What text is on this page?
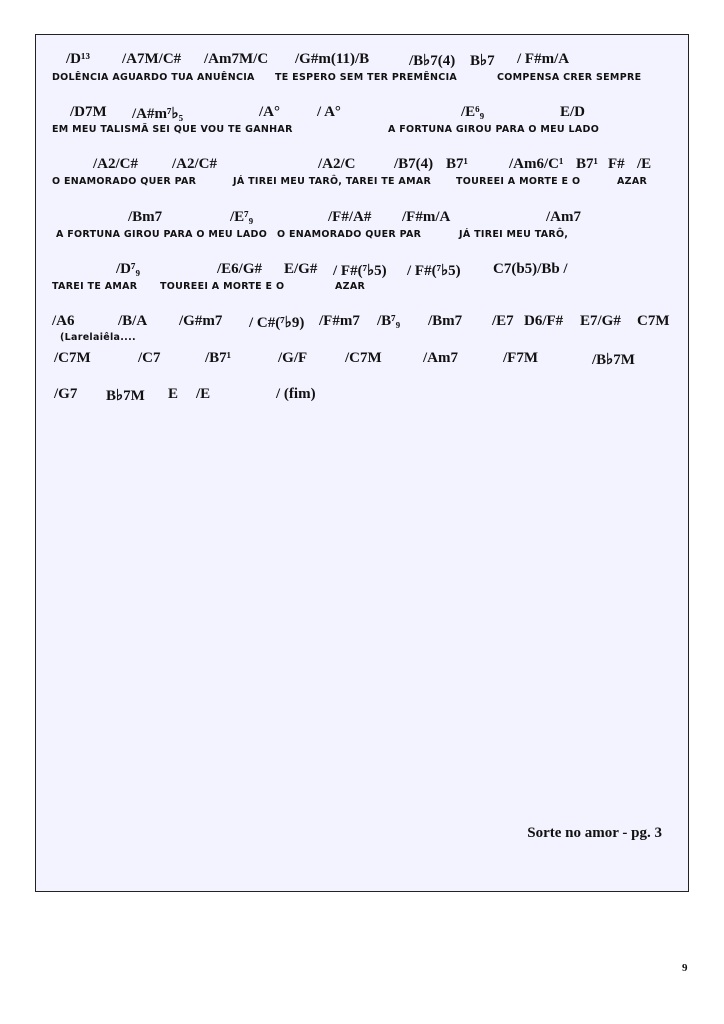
/D¹³ /A7M/C# /Am7M/C /G#m(11)/B	/B♭7(4) B♭7 / F#m/A
DOLÊNCIA AGUARDO TUA ANUÊNCIA TE ESPERO SEM TER PREMÊNCIA	COMPENSA CRER SEMPRE
/D7M /A#m⁷♭₅	/A° / A°	/E⁶₉	E/D
EM MEU TALISMÃ SEI QUE VOU TE GANHAR	A FORTUNA GIROU PARA O MEU LADO
/A2/C# /A2/C#	/A2/C	/B7(4) B7¹	/Am6/C¹ B7¹ F# /E
O ENAMORADO QUER PAR	JÁ TIREI MEU TARÔ, TAREI TE AMAR	TOUREEI A MORTE E O	AZAR
/Bm7	/E⁷₉	/F#/A# /F#m/A	/Am7
A FORTUNA GIROU PARA O MEU LADO O ENAMORADO QUER PAR	JÁ TIREI MEU TARÔ,
/D⁷₉	/E6/G# E/G# / F#(⁷♭5) / F#(⁷♭5) C7(b5)/Bb /
TAREI TE AMAR TOUREEI A MORTE E O	AZAR
/A6	/B/A /G#m7 / C#(⁷♭9) /F#m7 /B⁷₉ /Bm7 /E7 D6/F# E7/G# C7M
(Larelaiêla....
/C7M	/C7	/B7¹	/G/F	/C7M	/Am7	/F7M	/B♭7M
/G7 B♭7M E /E	/ (fim)
Sorte no amor - pg. 3
9
